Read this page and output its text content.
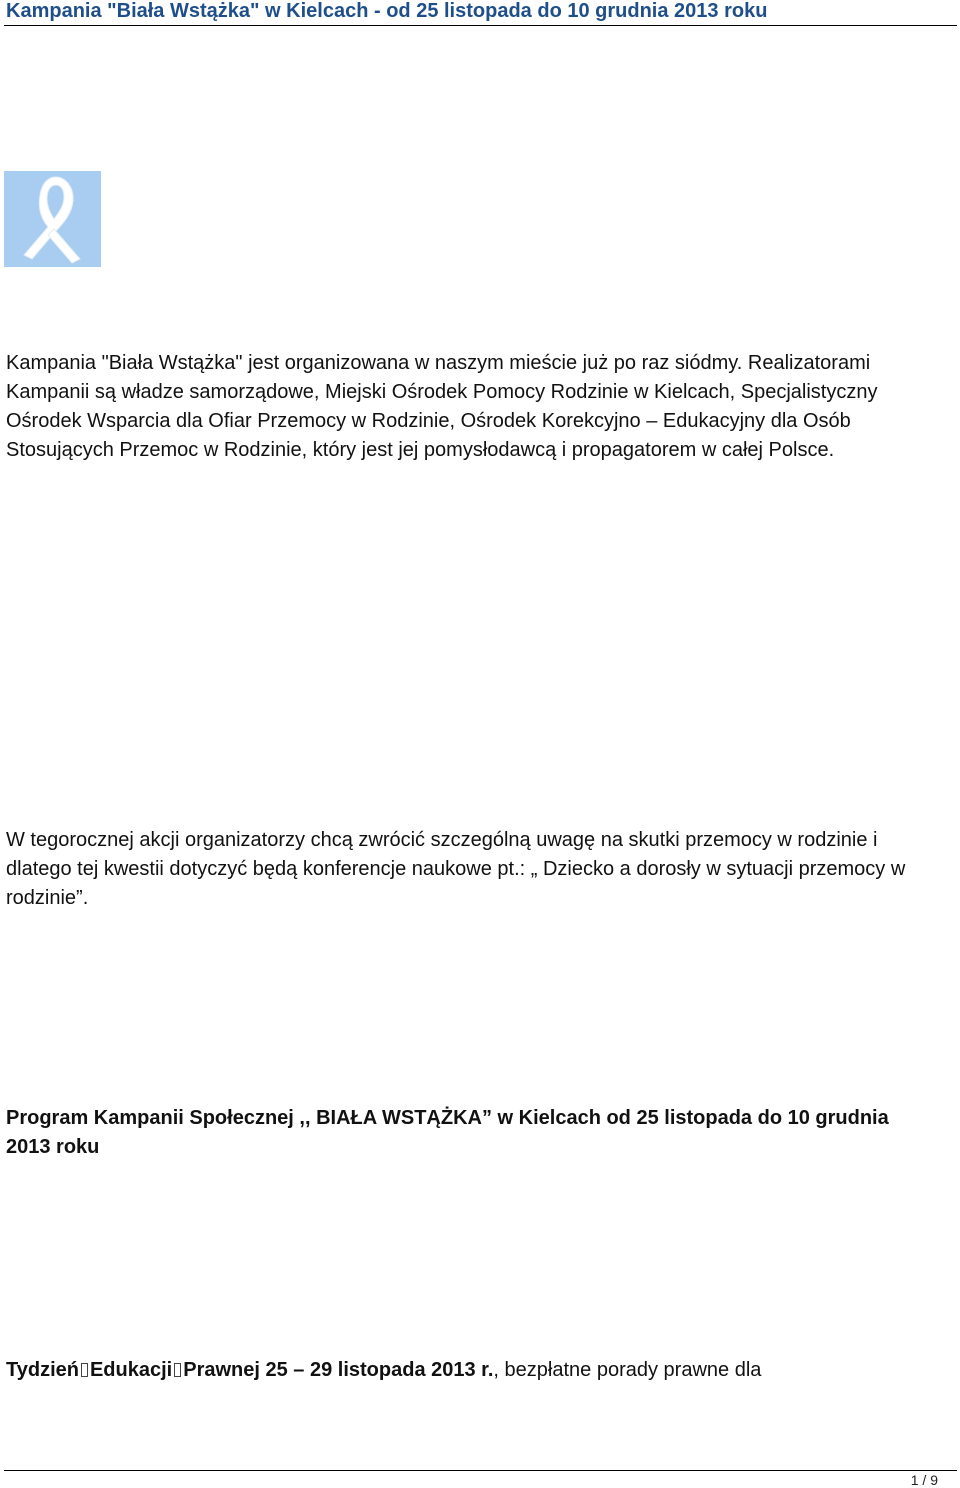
Kampania "Biała Wstążka" w Kielcach - od 25 listopada do 10 grudnia 2013 roku
Kampania "Biała Wstążka" jest organizowana w naszym mieście już po raz siódmy. Realizatorami Kampanii są władze samorządowe, Miejski Ośrodek Pomocy Rodzinie w Kielcach, Specjalistyczny Ośrodek Wsparcia dla Ofiar Przemocy w Rodzinie, Ośrodek Korekcyjno – Edukacyjny dla Osób Stosujących Przemoc w Rodzinie, który jest jej pomysłodawcą i propagatorem w całej Polsce.
W tegorocznej akcji organizatorzy chcą zwrócić szczególną uwagę na skutki przemocy w rodzinie i dlatego tej kwestii dotyczyć będą konferencje naukowe pt.: „ Dziecko a dorosły w sytuacji przemocy w rodzinie”.
Program Kampanii Społecznej ,, BIAŁA WSTĄŻKA” w Kielcach od 25 listopada do 10 grudnia 2013 roku
Tydzień Edukacji Prawnej 25 – 29 listopada 2013 r., bezpłatne porady prawne dla
1 / 9
